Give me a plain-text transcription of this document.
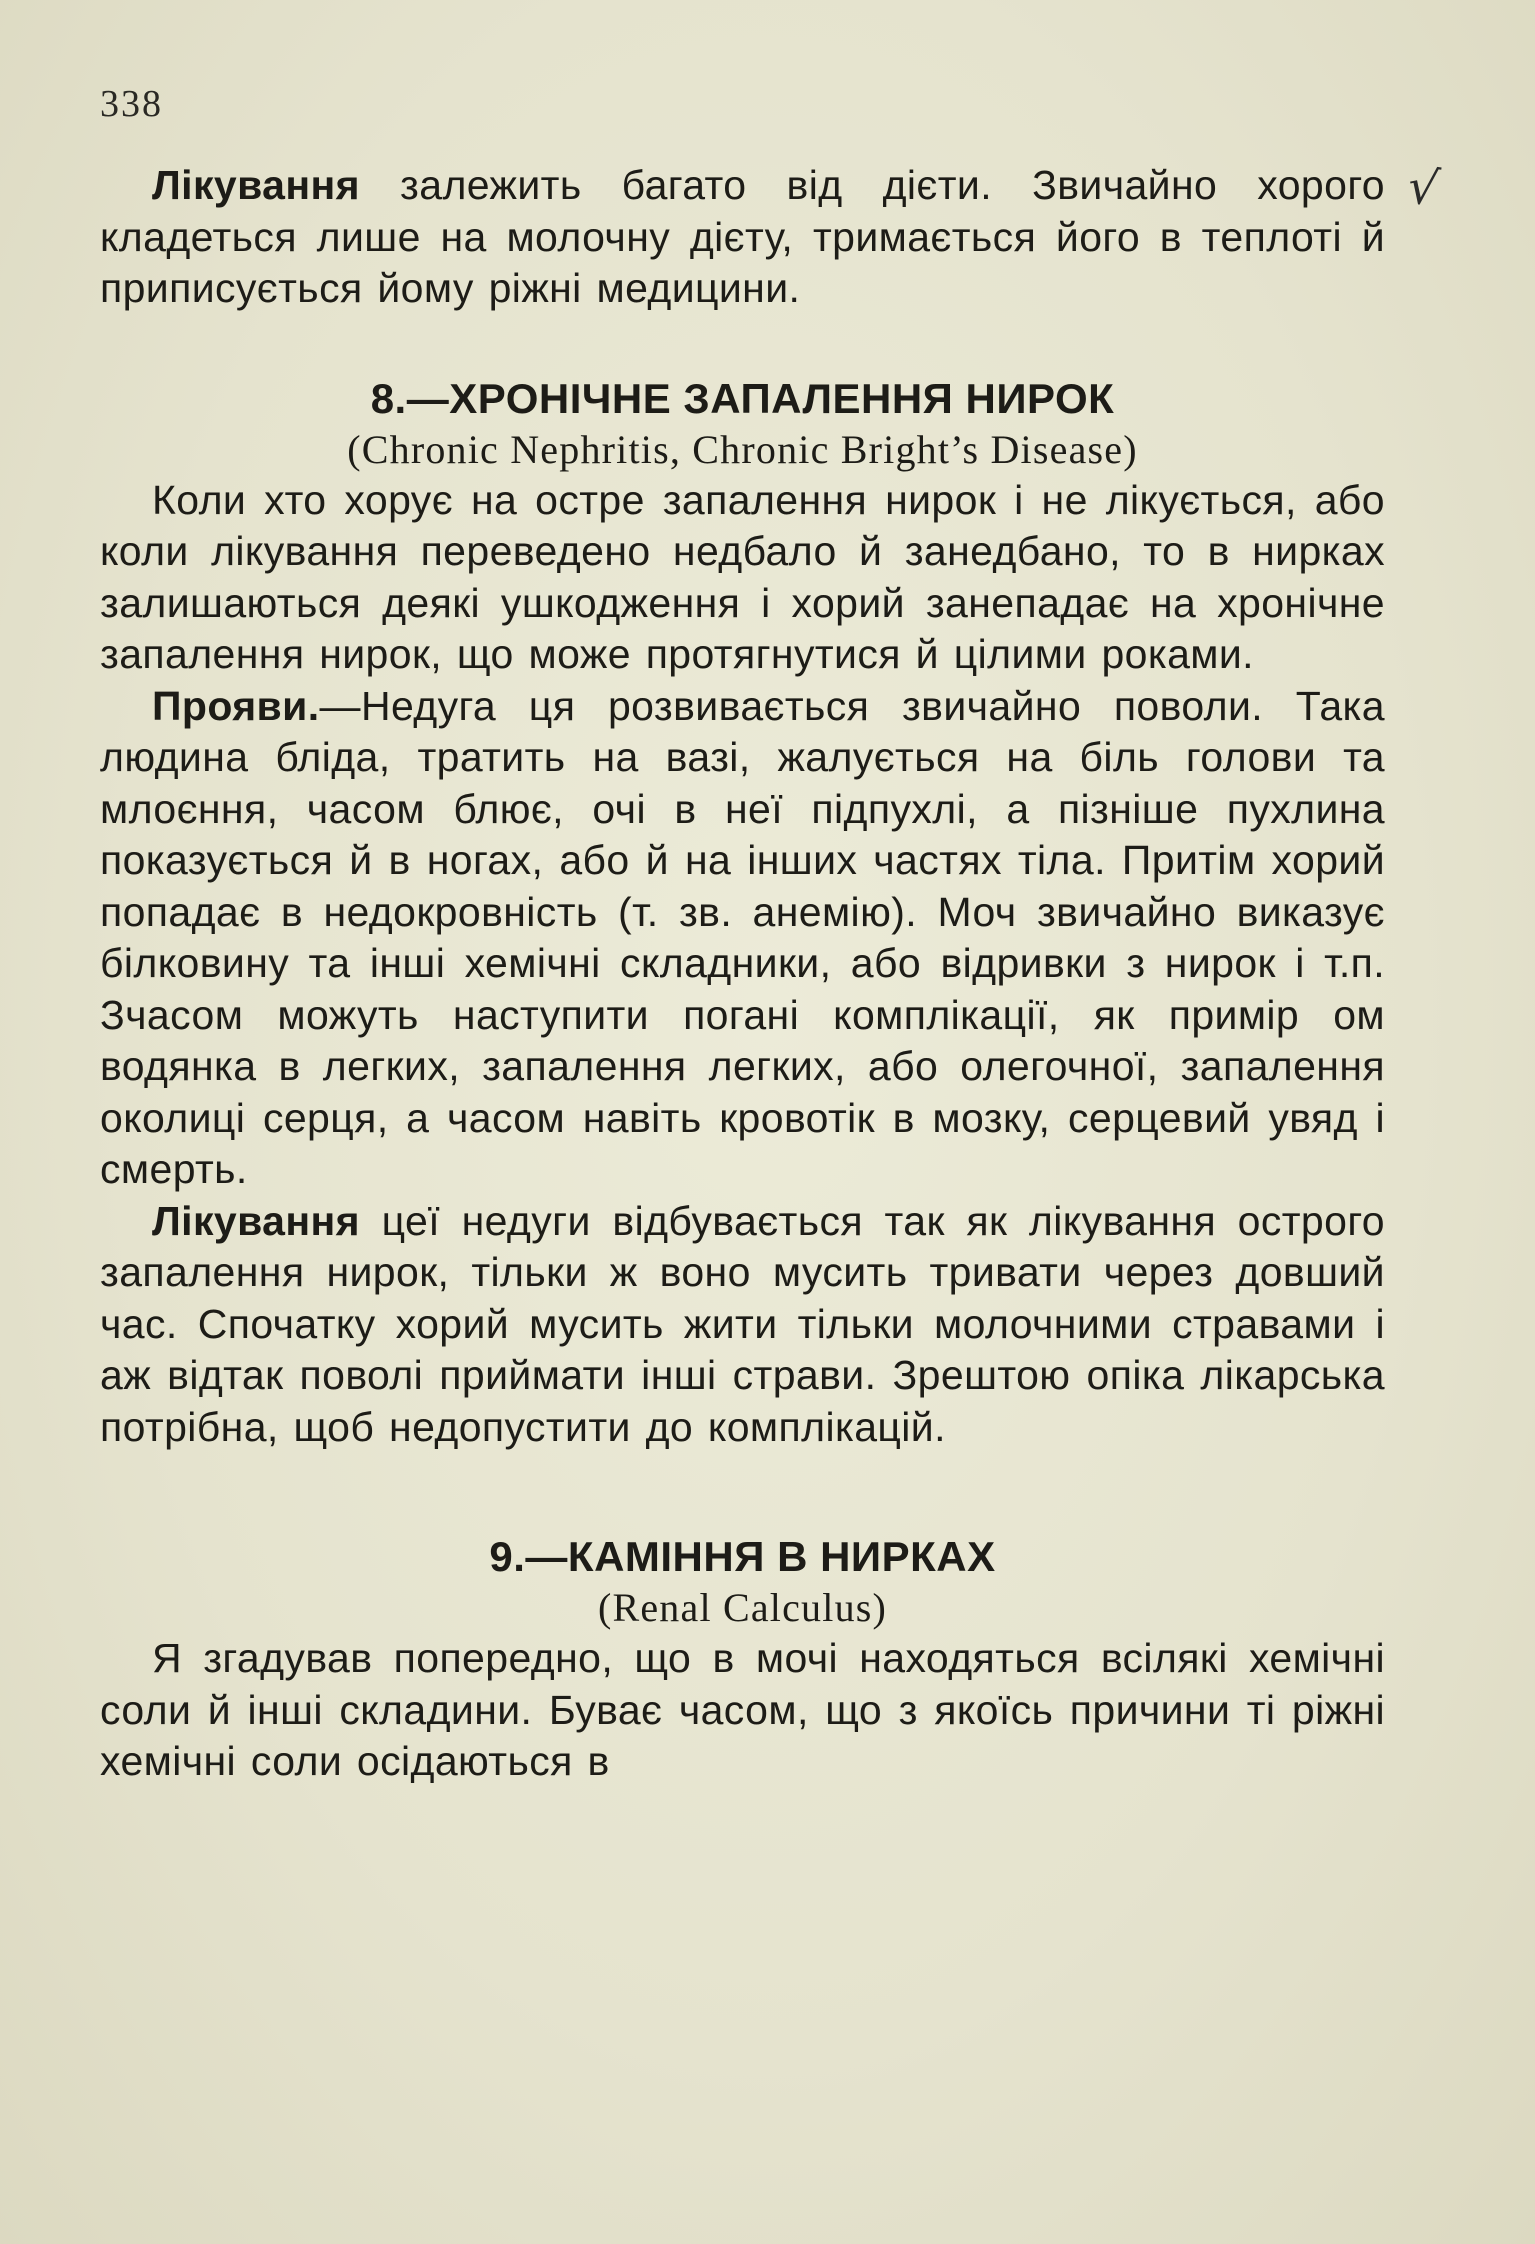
338
√

Лікування залежить багато від дієти. Звичайно хорого кладеться лише на молочну дієту, тримається його в теплоті й приписується йому ріжні медицини.

8.—ХРОНІЧНЕ ЗАПАЛЕННЯ НИРОК
(Chronic Nephritis, Chronic Bright’s Disease)

Коли хто хорує на остре запалення нирок і не лікується, або коли лікування переведено недбало й занедбано, то в нирках залишаються деякі ушкодження і хорий занепадає на хронічне запалення нирок, що може протягнутися й цілими роками.

Прояви.—Недуга ця розвивається звичайно поволи. Така людина бліда, тратить на вазі, жалується на біль голови та млоєння, часом блює, очі в неї підпухлі, а пізніше пухлина показується й в ногах, або й на інших частях тіла. Притім хорий попадає в недокровність (т. зв. анемію). Моч звичайно виказує білковину та інші хемічні складники, або відривки з нирок і т.п. Зчасом можуть наступити погані комплікації, як примір ом водянка в легких, запалення легких, або олегочної, запалення околиці серця, а часом навіть кровотік в мозку, серцевий увяд і смерть.

Лікування цеї недуги відбувається так як лікування острого запалення нирок, тільки ж воно мусить тривати через довший час. Спочатку хорий мусить жити тільки молочними стравами і аж відтак поволі приймати інші страви. Зрештою опіка лікарська потрібна, щоб недопустити до комплікацій.

9.—КАМІННЯ В НИРКАХ
(Renal Calculus)

Я згадував попередно, що в мочі находяться всілякі хемічні соли й інші складини. Буває часом, що з якоїсь причини ті ріжні хемічні соли осідаються в
